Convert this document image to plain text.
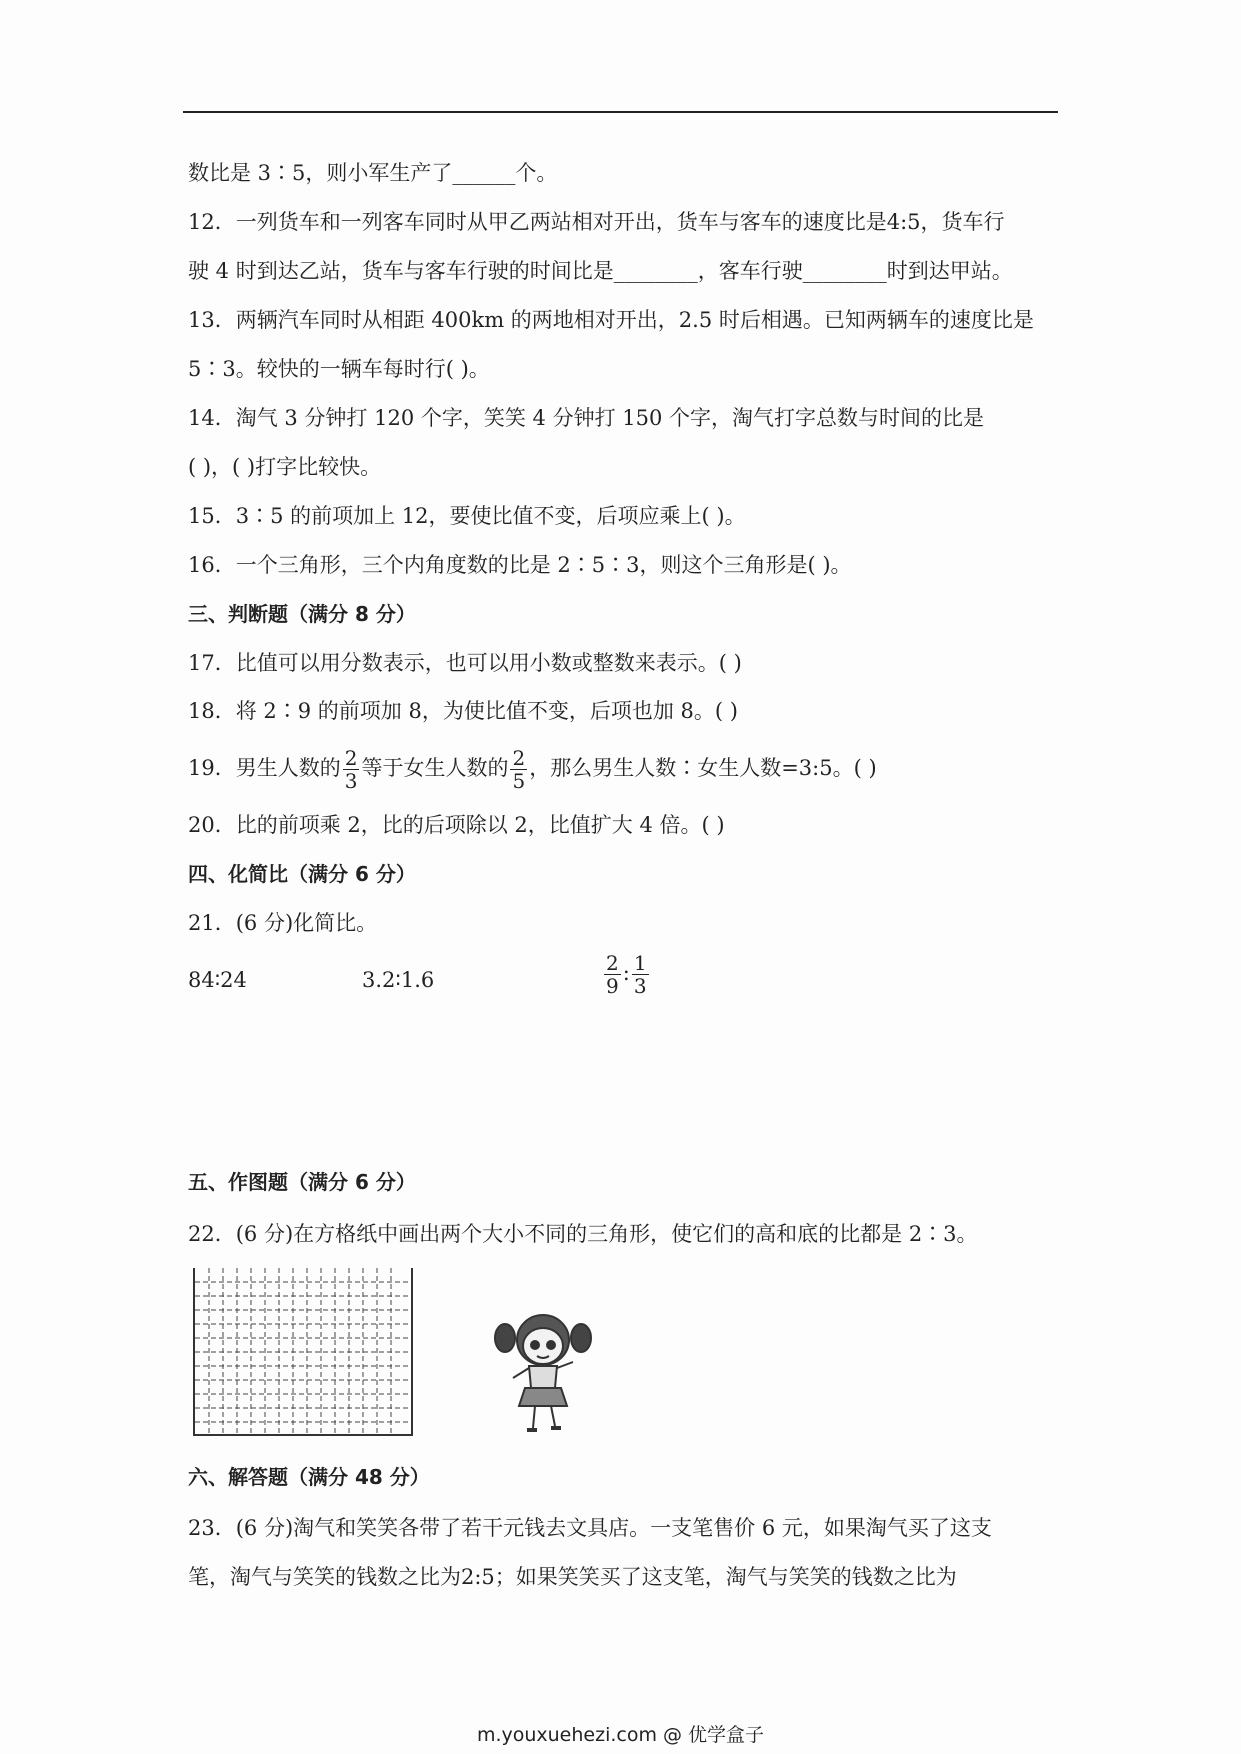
数比是 3∶5，则小军生产了______个。
12．一列货车和一列客车同时从甲乙两站相对开出，货车与客车的速度比是4:5，货车行
驶 4 时到达乙站，货车与客车行驶的时间比是________，客车行驶________时到达甲站。
13．两辆汽车同时从相距 400km 的两地相对开出，2.5 时后相遇。已知两辆车的速度比是
5∶3。较快的一辆车每时行( )。
14．淘气 3 分钟打 120 个字，笑笑 4 分钟打 150 个字，淘气打字总数与时间的比是
( )，( )打字比较快。
15．3∶5 的前项加上 12，要使比值不变，后项应乘上( )。
16．一个三角形，三个内角度数的比是 2∶5∶3，则这个三角形是( )。
三、判断题（满分 8 分）
17．比值可以用分数表示，也可以用小数或整数来表示。( )
18．将 2∶9 的前项加 8，为使比值不变，后项也加 8。( )
19．男生人数的 $\frac{2}{3}$ 等于女生人数的 $\frac{2}{5}$ ，那么男生人数∶女生人数=3:5。( )
20．比的前项乘 2，比的后项除以 2，比值扩大 4 倍。( )
四、化简比（满分 6 分）
21．(6 分)化简比。
84∶24	3.2∶1.6	$\frac{2}{9}$ : $\frac{1}{3}$
五、作图题（满分 6 分）
22．(6 分)在方格纸中画出两个大小不同的三角形，使它们的高和底的比都是 2∶3。
六、解答题（满分 48 分）
23．(6 分)淘气和笑笑各带了若干元钱去文具店。一支笔售价 6 元，如果淘气买了这支
笔，淘气与笑笑的钱数之比为2:5；如果笑笑买了这支笔，淘气与笑笑的钱数之比为
m.youxuehezi.com @ 优学盒子
